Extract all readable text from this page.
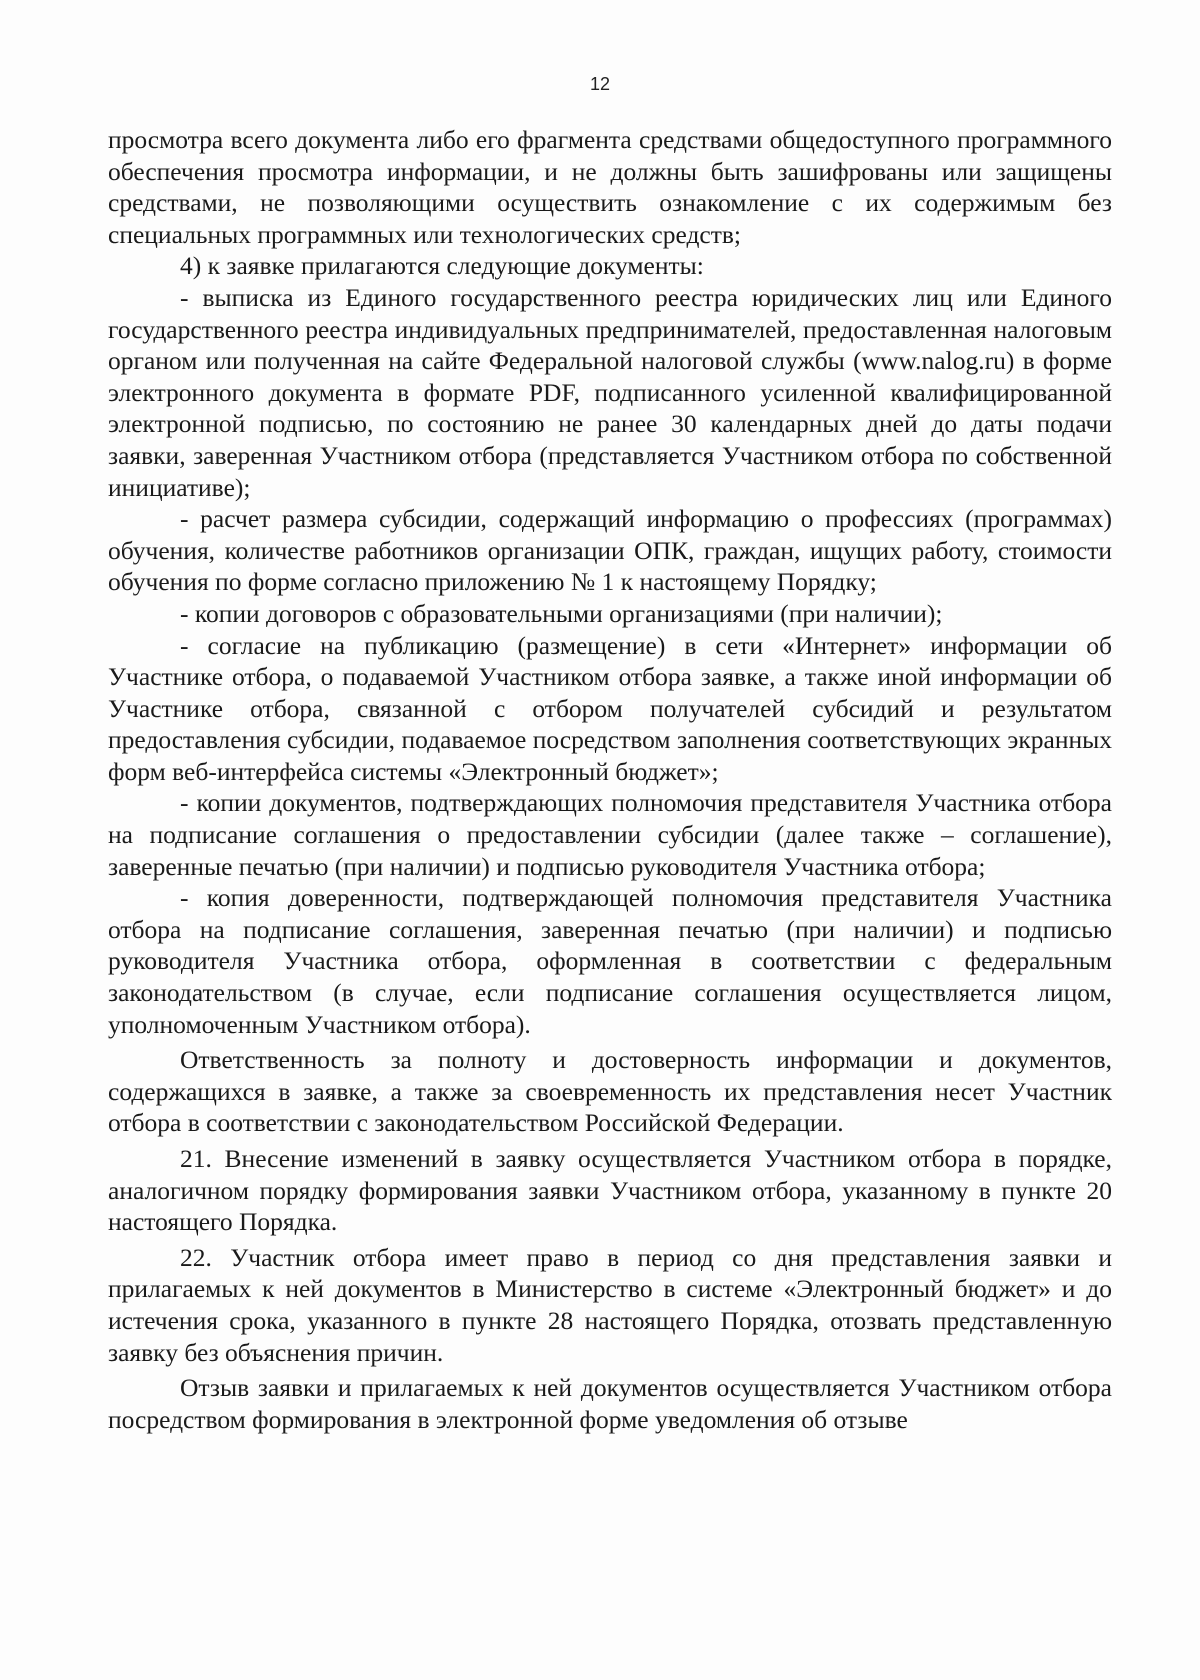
12

просмотра всего документа либо его фрагмента средствами общедоступного программного обеспечения просмотра информации, и не должны быть зашифрованы или защищены средствами, не позволяющими осуществить ознакомление с их содержимым без специальных программных или технологических средств;

4) к заявке прилагаются следующие документы:

- выписка из Единого государственного реестра юридических лиц или Единого государственного реестра индивидуальных предпринимателей, предоставленная налоговым органом или полученная на сайте Федеральной налоговой службы (www.nalog.ru) в форме электронного документа в формате PDF, подписанного усиленной квалифицированной электронной подписью, по состоянию не ранее 30 календарных дней до даты подачи заявки, заверенная Участником отбора (представляется Участником отбора по собственной инициативе);

- расчет размера субсидии, содержащий информацию о профессиях (программах) обучения, количестве работников организации ОПК, граждан, ищущих работу, стоимости обучения по форме согласно приложению № 1 к настоящему Порядку;

- копии договоров с образовательными организациями (при наличии);

- согласие на публикацию (размещение) в сети «Интернет» информации об Участнике отбора, о подаваемой Участником отбора заявке, а также иной информации об Участнике отбора, связанной с отбором получателей субсидий и результатом предоставления субсидии, подаваемое посредством заполнения соответствующих экранных форм веб-интерфейса системы «Электронный бюджет»;

- копии документов, подтверждающих полномочия представителя Участника отбора на подписание соглашения о предоставлении субсидии (далее также – соглашение), заверенные печатью (при наличии) и подписью руководителя Участника отбора;

- копия доверенности, подтверждающей полномочия представителя Участника отбора на подписание соглашения, заверенная печатью (при наличии) и подписью руководителя Участника отбора, оформленная в соответствии с федеральным законодательством (в случае, если подписание соглашения осуществляется лицом, уполномоченным Участником отбора).

Ответственность за полноту и достоверность информации и документов, содержащихся в заявке, а также за своевременность их представления несет Участник отбора в соответствии с законодательством Российской Федерации.

21. Внесение изменений в заявку осуществляется Участником отбора в порядке, аналогичном порядку формирования заявки Участником отбора, указанному в пункте 20 настоящего Порядка.

22. Участник отбора имеет право в период со дня представления заявки и прилагаемых к ней документов в Министерство в системе «Электронный бюджет» и до истечения срока, указанного в пункте 28 настоящего Порядка, отозвать представленную заявку без объяснения причин.

Отзыв заявки и прилагаемых к ней документов осуществляется Участником отбора посредством формирования в электронной форме уведомления об отзыве
